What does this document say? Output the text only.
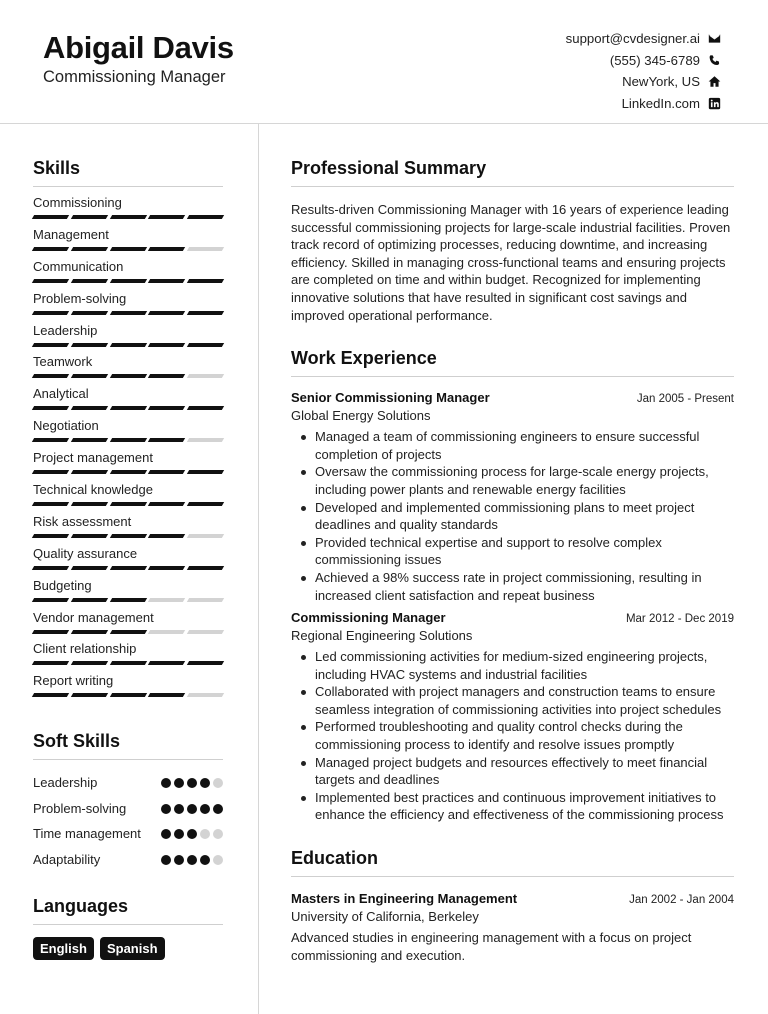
Abigail Davis
Commissioning Manager
support@cvdesigner.ai
(555) 345-6789
NewYork, US
LinkedIn.com
Skills
Commissioning
Management
Communication
Problem-solving
Leadership
Teamwork
Analytical
Negotiation
Project management
Technical knowledge
Risk assessment
Quality assurance
Budgeting
Vendor management
Client relationship
Report writing
Soft Skills
Leadership
Problem-solving
Time management
Adaptability
Languages
English	Spanish
Professional Summary
Results-driven Commissioning Manager with 16 years of experience leading successful commissioning projects for large-scale industrial facilities. Proven track record of optimizing processes, reducing downtime, and increasing efficiency. Skilled in managing cross-functional teams and ensuring projects are completed on time and within budget. Recognized for implementing innovative solutions that have resulted in significant cost savings and improved operational performance.
Work Experience
Senior Commissioning Manager	Jan 2005 - Present
Global Energy Solutions
Managed a team of commissioning engineers to ensure successful completion of projects
Oversaw the commissioning process for large-scale energy projects, including power plants and renewable energy facilities
Developed and implemented commissioning plans to meet project deadlines and quality standards
Provided technical expertise and support to resolve complex commissioning issues
Achieved a 98% success rate in project commissioning, resulting in increased client satisfaction and repeat business
Commissioning Manager	Mar 2012 - Dec 2019
Regional Engineering Solutions
Led commissioning activities for medium-sized engineering projects, including HVAC systems and industrial facilities
Collaborated with project managers and construction teams to ensure seamless integration of commissioning activities into project schedules
Performed troubleshooting and quality control checks during the commissioning process to identify and resolve issues promptly
Managed project budgets and resources effectively to meet financial targets and deadlines
Implemented best practices and continuous improvement initiatives to enhance the efficiency and effectiveness of the commissioning process
Education
Masters in Engineering Management	Jan 2002 - Jan 2004
University of California, Berkeley
Advanced studies in engineering management with a focus on project commissioning and execution.
